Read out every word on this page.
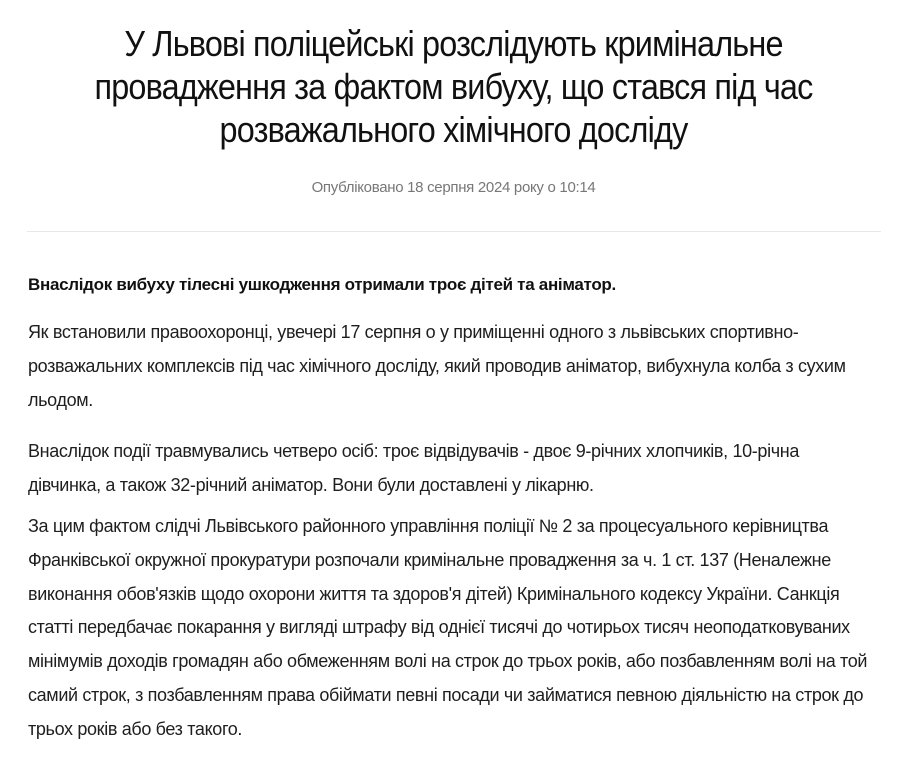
У Львові поліцейські розслідують кримінальне
провадження за фактом вибуху, що стався під час
розважального хімічного досліду
Опубліковано 18 серпня 2024 року о 10:14

Внаслідок вибуху тілесні ушкодження отримали троє дітей та аніматор.

Як встановили правоохоронці, увечері 17 серпня о у приміщенні одного з львівських спортивно-розважальних комплексів під час хімічного досліду, який проводив аніматор, вибухнула колба з сухим льодом.

Внаслідок події травмувались четверо осіб: троє відвідувачів - двоє 9-річних хлопчиків, 10-річна дівчинка, а також 32-річний аніматор. Вони були доставлені у лікарню.

За цим фактом слідчі Львівського районного управління поліції № 2 за процесуального керівництва Франківської окружної прокуратури розпочали кримінальне провадження за ч. 1 ст. 137 (Неналежне виконання обов'язків щодо охорони життя та здоров'я дітей) Кримінального кодексу України. Санкція статті передбачає покарання у вигляді штрафу від однієї тисячі до чотирьох тисяч неоподатковуваних мінімумів доходів громадян або обмеженням волі на строк до трьох років, або позбавленням волі на той самий строк, з позбавленням права обіймати певні посади чи займатися певною діяльністю на строк до трьох років або без такого.
